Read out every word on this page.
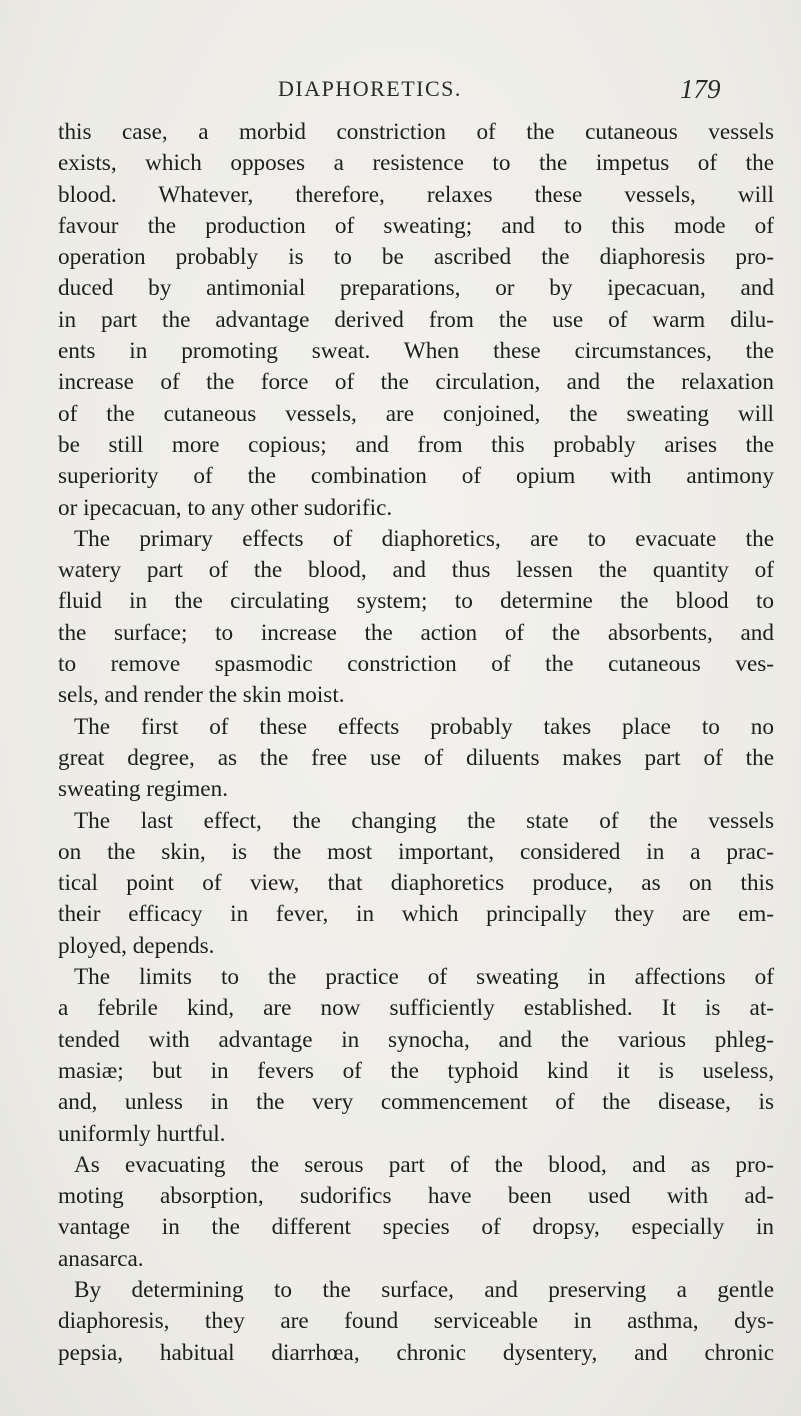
DIAPHORETICS.	179
this case, a morbid constriction of the cutaneous vessels
exists, which opposes a resistence to the impetus of the
blood. Whatever, therefore, relaxes these vessels, will
favour the production of sweating; and to this mode of
operation probably is to be ascribed the diaphoresis pro-
duced by antimonial preparations, or by ipecacuan, and
in part the advantage derived from the use of warm dilu-
ents in promoting sweat. When these circumstances, the
increase of the force of the circulation, and the relaxation
of the cutaneous vessels, are conjoined, the sweating will
be still more copious; and from this probably arises the
superiority of the combination of opium with antimony
or ipecacuan, to any other sudorific.
The primary effects of diaphoretics, are to evacuate the
watery part of the blood, and thus lessen the quantity of
fluid in the circulating system; to determine the blood to
the surface; to increase the action of the absorbents, and
to remove spasmodic constriction of the cutaneous ves-
sels, and render the skin moist.
The first of these effects probably takes place to no
great degree, as the free use of diluents makes part of the
sweating regimen.
The last effect, the changing the state of the vessels
on the skin, is the most important, considered in a prac-
tical point of view, that diaphoretics produce, as on this
their efficacy in fever, in which principally they are em-
ployed, depends.
The limits to the practice of sweating in affections of
a febrile kind, are now sufficiently established. It is at-
tended with advantage in synocha, and the various phleg-
masiæ; but in fevers of the typhoid kind it is useless,
and, unless in the very commencement of the disease, is
uniformly hurtful.
As evacuating the serous part of the blood, and as pro-
moting absorption, sudorifics have been used with ad-
vantage in the different species of dropsy, especially in
anasarca.
By determining to the surface, and preserving a gentle
diaphoresis, they are found serviceable in asthma, dys-
pepsia, habitual diarrhœa, chronic dysentery, and chronic
